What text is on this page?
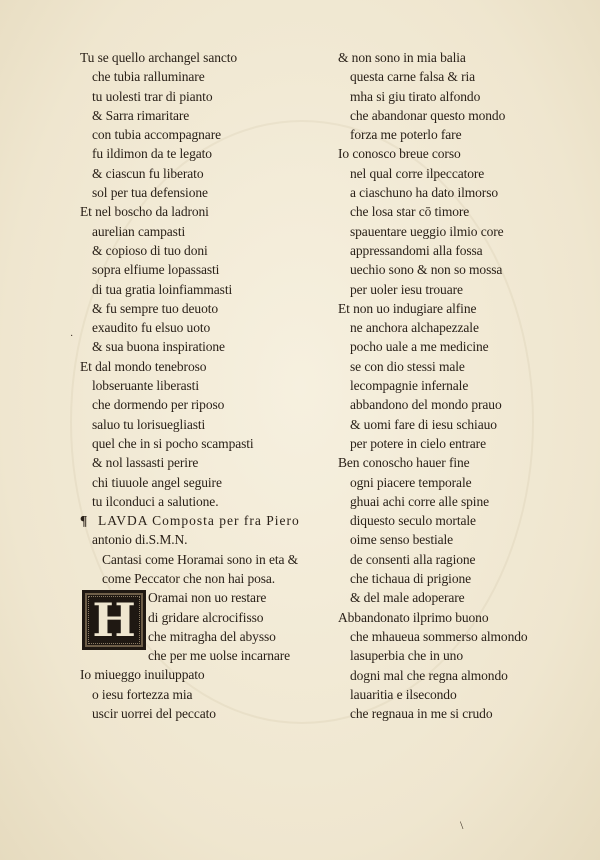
Tu se quello archangel sancto
che tubia ralluminare
tu uolesti trar di pianto
& Sarra rimaritare
con tubia accompagnare
fu ildimon da te legato
& ciascun fu liberato
sol per tua defensione
Et nel boscho da ladroni
aurelian campasti
& copioso di tuo doni
sopra elfiume lopassasti
di tua gratia loinfiammasti
& fu sempre tuo deuoto
exaudito fu elsuo uoto
& sua buona inspiratione
Et dal mondo tenebroso
lobseruante liberasti
che dormendo per riposo
saluo tu lorisuegliasti
quel che in si pocho scampasti
& nol lassasti perire
chi tiuuole angel seguire
tu ilconduci a salutione.
¶ LAVDA Composta per fra Piero
antonio di.S.M.N.
Cantasi come Horamai sono in eta &
come Peccator che non hai posa.
H Oramai non uo restare
di gridare alcrocifisso
che mitragha del abysso
che per me uolse incarnare
Io miueggo inuiluppato
o iesu fortezza mia
uscir uorrei del peccato
& non sono in mia balia
questa carne falsa & ria
mha si giu tirato alfondo
che abandonar questo mondo
forza me poterlo fare
Io conosco breue corso
nel qual corre ilpeccatore
a ciaschuno ha dato ilmorso
che losa star cō timore
spauentare ueggio ilmio core
appressandomi alla fossa
uechio sono & non so mossa
per uoler iesu trouare
Et non uo indugiare alfine
ne anchora alchapezzale
pocho uale a me medicine
se con dio stessi male
lecompagnie infernale
abbandono del mondo prauo
& uomi fare di iesu schiauo
per potere in cielo entrare
Ben conoscho hauer fine
ogni piacere temporale
ghuai achi corre alle spine
diquesto seculo mortale
oime senso bestiale
de consenti alla ragione
che tichaua di prigione
& del male adoperare
Abbandonato ilprimo buono
che mhaueua sommerso almondo
lasuperbia che in uno
dogni mal che regna almondo
lauaritia e ilsecondo
che regnaua in me si crudo
·
\
